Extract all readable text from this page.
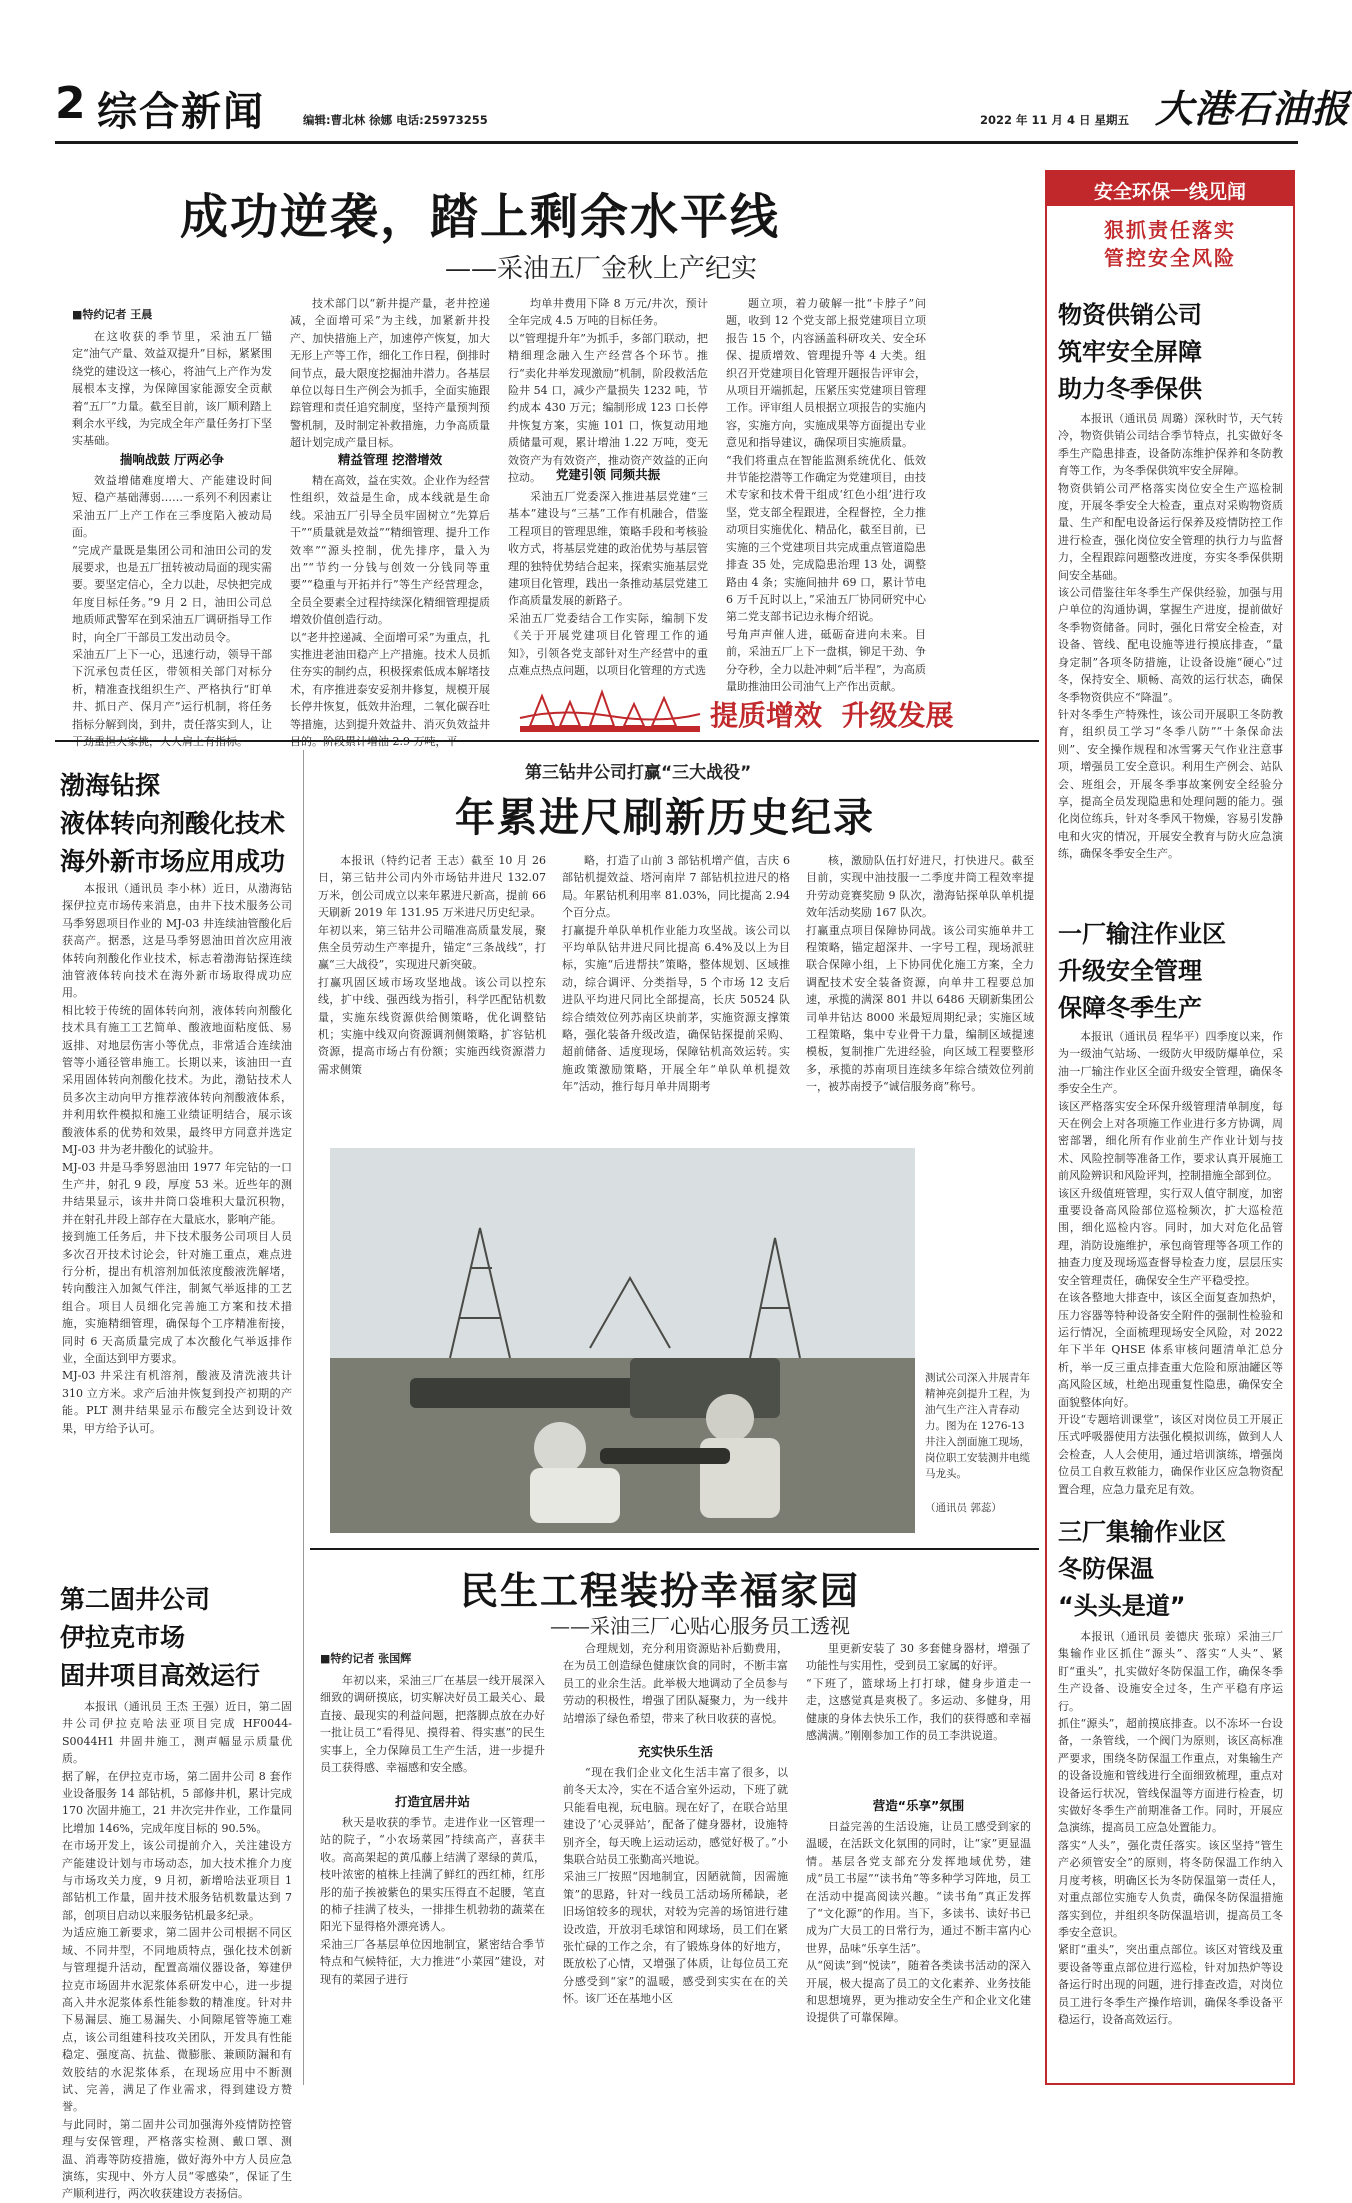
2 综合新闻	编辑:曹北林 徐娜 电话:25973255	2022 年 11 月 4 日 星期五 大港石油报
成功逆袭，踏上剩余水平线
——采油五厂金秋上产纪实
■特约记者 王晨
在这收获的季节里，采油五厂锚定“油气产量、效益双提升”目标，紧紧围绕党的建设这一核心，将油气上产作为发展根本支撑，为保障国家能源安全贡献着“五厂”力量。截至目前，该厂顺利踏上剩余水平线，为完成全年产量任务打下坚实基础。
揣响战鼓 厅两必争
效益增储难度增大、产能建设时间短、稳产基础薄弱……一系列不利因素让采油五厂上产工作在三季度陷入被动局面。
“完成产量既是集团公司和油田公司的发展要求，也是五厂扭转被动局面的现实需要。要坚定信心，全力以赴，尽快把完成年度目标任务。”9 月 2 日，油田公司总地质师武警军在到采油五厂调研指导工作时，向全厂干部员工发出动员令。
采油五厂上下一心，迅速行动，领导干部下沉承包责任区，带领相关部门对标分析，精准查找组织生产、严格执行“盯单井、抓日产、保月产”运行机制，将任务指标分解到岗，到井，责任落实到人，让
技术部门以“新井提产量，老井控递减，全面增可采”为主线，加紧新井投产、加快措施上产，加速停产恢复，加大无形上产等工作，细化工作日程，倒排时间节点，最大限度挖掘油井潜力。各基层单位以每日生产例会为抓手，全面实施跟踪管理和责任追究制度，坚持产量预判预警机制，及时制定补救措施，力争高质量超计划完成产量目标。
精益管理 挖潜增效
精在高效，益在实效。企业作为经营性组织，效益是生命，成本线就是生命线。采油五厂引导全员牢固树立“先算后干”“质量就是效益”“精细管理、提升工作效率”“源头控制，优先排序，量入为出”“节约一分钱与创效一分钱同等重要”“稳重与开拓并行”等生产经营理念，全员全要素全过程持续深化精细管理提质增效价值创造行动。
以“老井控递减、全面增可采”为重点，扎实推进老油田稳产上产措施。技术人员抓住夯实的制约点，积极探索低成本解堵技术，有序推进泰安妥剂井修复，规模开展长停井恢复，低效井治理，二氧化碳吞吐等措施，达到提升效益井、消灭负效益井
均单井费用下降 8 万元/井次，预计全年完成 4.5 万吨的目标任务。
以“管理提升年”为抓手，多部门联动，把精细理念融入生产经营各个环节。推行“卖化井举发现激励”机制，阶段救活危险井 54 口，减少产量损失 1232 吨，节约成本 430 万元；编制形成 123 口长停井恢复方案，实施 101 口，恢复动用地质储量可观，累计增油 1.22 万吨，变无效资产为有效资产，推动资产效益的正向拉动。	党建引领 同频共振
采油五厂党委深入推进基层党建“三基本”建设与“三基”工作有机融合，借鉴工程项目的管理思维，策略手段和考核验收方式，将基层党建的政治优势与基层管理的独特优势结合起来，探索实施基层党建项目化管理，践出一条推动基层党建工作高质量发展的新路子。
采油五厂党委结合工作实际，编制下发《关于开展党建项目化管理工作的通知》，引领各党支部针对生产经营中的重点难点热点问题，以项目化管理的方式选
题立项，着力破解一批“卡脖子”问题，收到 12 个党支部上报党建项目立项报告 15 个，内容涵盖科研攻关、安全环保、提质增效、管理提升等 4 大类。组织召开党建项目化管理开题报告评审会，从项目开端抓起，压紧压实党建项目管理工作。评审组人员根据立项报告的实施内容，实施方向，实施成果等方面提出专业意见和指导建议，确保项目实施质量。
“我们将重点在智能监测系统优化、低效井节能挖潜等工作确定为党建项目，由技术专家和技术骨干组成‘红色小组’进行攻坚，党支部全程跟进，全程督控，全力推动项目实施优化、精品化，截至目前，已实施的三个党建项目共完成重点管道隐患排查 35 处，完成隐患治理 13 处，调整路由 4 条；实施间抽井 69 口，累计节电 6 万千瓦时以上，”采油五厂协同研究中心第二党支部书记边永梅介绍说。
号角声声催人进，砥砺奋进向未来。目前，采油五厂上下一盘棋，铆足干劲、争分夺秒，全力以赴冲刺“后半程”，为高质量助推油田公司油气上产作出贡献。
提质增效  升级发展
渤海钻探
液体转向剂酸化技术
海外新市场应用成功
本报讯（通讯员 李小林）近日，从渤海钻探伊拉克市场传来消息，由井下技术服务公司马季努恩项目作业的 MJ-03 井连续油管酸化后获高产。据悉，这是马季努恩油田首次应用液体转向剂酸化作业技术，标志着渤海钻探连续油管液体转向技术在海外新市场取得成功应用。
相比较于传统的固体转向剂，液体转向剂酸化技术具有施工工艺简单、酸液地面粘度低、易返排、对地层伤害小等优点，非常适合连续油管等小通径管串施工。长期以来，该油田一直采用固体转向剂酸化技术。为此，渤钻技术人员多次主动向甲方推荐液体转向剂酸液体系，并利用软件模拟和施工业绩证明结合，展示该酸液体系的优势和效果，最终甲方同意并选定 MJ-03 井为老井酸化的试验井。
MJ-03 井是马季努恩油田 1977 年完钻的一口生产井，射孔 9 段，厚度 53 米。近些年的测井结果显示，该井井筒口袋堆积大量沉积物，并在射孔井段上部存在大量底水，影响产能。
接到施工任务后，井下技术服务公司项目人员多次召开技术讨论会，针对施工重点，难点进行分析，提出有机溶剂加低浓度酸液洗解堵，转向酸注入加氮气伴注，制氮气举返排的工艺组合。项目人员细化完善施工方案和技术措施，实施精细管理，确保每个工序精准衔接，同时 6 天高质量完成了本次酸化气举返排作业，全面达到甲方要求。
MJ-03 井采注有机溶剂，酸液及清洗液共计 310 立方米。求产后油井恢复到投产初期的产能。PLT 测井结果显示布酸完全达到设计效果，甲方给予认可。
第二固井公司
伊拉克市场
固井项目高效运行
本报讯（通讯员 王杰 王强）近日，第二固井公司伊拉克哈法亚项目完成 HF0044-S0044H1 井固井施工，测声幅显示质量优质。
据了解，在伊拉克市场，第二固井公司 8 套作业设备服务 14 部钻机，5 部修井机，累计完成 170 次固井施工，21 井次完井作业，工作量同比增加 146%，完成年度目标的 90.5%。
在市场开发上，该公司提前介入，关注建设方产能建设计划与市场动态，加大技术推介力度与市场攻关力度，9 月初，新增哈法亚项目 1 部钻机工作量，固井技术服务钻机数量达到 7 部，创项目启动以来服务钻机最多纪录。
为适应施工新要求，第二固井公司根据不同区域、不同井型，不同地质特点，强化技术创新与管理提升活动，配置高端仪器设备，筹建伊拉克市场固井水泥浆体系研发中心，进一步提高入井水泥浆体系性能参数的精准度。针对井下易漏层、施工易漏失、小间隙尾管等施工难点，该公司组建科技攻关团队，开发具有性能稳定、强度高、抗盐、微膨胀、兼顾防漏和有效胶结的水泥浆体系，在现场应用中不断测试、完善，满足了作业需求，得到建设方赞誉。
与此同时，第二固井公司加强海外疫情防控管理与安保管理，严格落实检测、戴口罩、测温、消毒等防疫措施，做好海外中方人员应急演练，实现中、外方人员“零感染”，保证了生产顺利进行，两次收获建设方表扬信。
第三钻井公司打赢“三大战役”
年累进尺刷新历史纪录
本报讯（特约记者 王志）截至 10 月 26 日，第三钻井公司内外市场钻井进尺 132.07 万米，创公司成立以来年累进尺新高，提前 66 天刷新 2019 年 131.95 万米进尺历史纪录。
年初以来，第三钻井公司瞄准高质量发展，聚焦全员劳动生产率提升，锚定“三条战线”，打赢“三大战役”，实现进尺新突破。
打赢巩固区域市场攻坚地战。该公司以控东线，扩中线、强西线为指引，科学匹配钻机数量，实施东线资源供给侧策略，优化调整钻机；实施中线双向资源调剂侧策略，扩容钻机资源，提高市场占有份额；实施西线资源潜力需求侧策
略，打造了山前 3 部钻机增产值，吉庆 6 部钻机提效益、塔河南岸 7 部钻机拉进尺的格局。年累钻机利用率 81.03%，同比提高 2.94 个百分点。
打赢提升单队单机作业能力攻坚战。该公司以平均单队钻井进尺同比提高 6.4%及以上为目标，实施“后进帮扶”策略，整体规划、区域推动，综合调评、分类指导，5 个市场 12 支后进队平均进尺同比全部提高，长庆 50524 队综合绩效位列苏南区块前茅，实施资源支撑策略，强化装备升级改造，确保钻探提前采购、超前储备、适度现场，保障钻机高效运转。实施政策激励策略，开展全年“单队单机提效年”活动，推行每月单井周期考
核，激励队伍打好进尺，打快进尺。截至目前，实现中油技服一二季度井筒工程效率提升劳动竞赛奖励 9 队次，渤海钻探单队单机提效年活动奖励 167 队次。
打赢重点项目保障协同战。该公司实施单井工程策略，锚定超深井、一字号工程，现场派驻联合保障小组，上下协同优化施工方案，全力调配技术安全装备资源，向单井工程要总加速，承揽的满深 801 井以 6486 天刷新集团公司单井钻达 8000 米最短周期纪录；实施区域工程策略，集中专业骨干力量，编制区域提速模板，复制推广先进经验，向区域工程要整形多，承揽的苏南项目连续多年综合绩效位列前一，被苏南授予“诚信服务商”称号。
测试公司深入井展青年精神亮剑提升工程，为油气生产注入青春动力。图为在 1276-13 井注入剖面施工现场，岗位职工安装测井电缆马龙头。
（通讯员 郭蕊）
民生工程装扮幸福家园
——采油三厂心贴心服务员工透视
■特约记者 张国辉
年初以来，采油三厂在基层一线开展深入细致的调研摸底，切实解决好员工最关心、最直接、最现实的利益问题，把落脚点放在办好一批让员工“看得见、摸得着、得实惠”的民生实事上，全力保障员工生产生活，进一步提升员工获得感、幸福感和安全感。
打造宜居井站
秋天是收获的季节。走进作业一区管理一站的院子，“小农场菜园”持续高产，喜获丰收。高高架起的黄瓜藤上结满了翠绿的黄瓜，枝叶浓密的植株上挂满了鲜红的西红柿，红彤彤的茄子挨被紫色的果实压得直不起腰，笔直的柿子挂满了枝头，一排排生机勃勃的蔬菜在阳光下显得格外漂亮诱人。
采油三厂各基层单位因地制宜，紧密结合季节特点和气候特征，大力推进“小菜园”建设，对现有的菜园子进行
合理规划，充分利用资源贴补后勤费用，在为员工创造绿色健康饮食的同时，不断丰富员工的业余生活。此举极大地调动了全员参与劳动的积极性，增强了团队凝聚力，为一线井站增添了绿色希望，带来了秋日收获的喜悦。
充实快乐生活
“现在我们企业文化生活丰富了很多，以前冬天太冷，实在不适合室外运动，下班了就只能看电视，玩电脑。现在好了，在联合站里建设了‘心灵驿站’，配备了健身器材，设施特别齐全，每天晚上运动运动，感觉好极了。”小集联合站员工张勤高兴地说。
采油三厂按照“因地制宜，因陋就简，因需施策”的思路，针对一线员工活动场所稀缺，老旧场馆较多的现状，对较为完善的场馆进行建设改造，开放羽毛球馆和网球场，员工们在紧张忙碌的工作之余，有了锻炼身体的好地方，既放松了心情，又增强了体质，让每位员工充分感受到“家”的温暖，感受到实实在在的关怀。该厂还在基地小区
里更新安装了 30 多套健身器材，增强了功能性与实用性，受到员工家属的好评。
“下班了，篮球场上打打球，健身步道走一走，这感觉真是爽极了。多运动、多健身，用健康的身体去快乐工作，我们的获得感和幸福感满满。”刚刚参加工作的员工李洪说道。
营造“乐享”氛围
日益完善的生活设施，让员工感受到家的温暖，在活跃文化氛围的同时，让“家”更显温情。基层各党支部充分发挥地域优势，建成“员工书屋”“读书角”等多种学习阵地，员工在活动中提高阅读兴趣。“读书角”真正发挥了“文化源”的作用。当下，多读书、读好书已成为广大员工的日常行为，通过不断丰富内心世界，品味“乐享生活”。
从“阅读”到“悦读”，随着各类读书活动的深入开展，极大提高了员工的文化素养、业务技能和思想境界，更为推动安全生产和企业文化建设提供了可靠保障。
安全环保一线见闻
狠抓责任落实
管控安全风险
物资供销公司
筑牢安全屏障
助力冬季保供
本报讯（通讯员 周璐）深秋时节，天气转冷，物资供销公司结合季节特点，扎实做好冬季生产隐患排查，设备防冻维护保养和冬防教育等工作，为冬季保供筑牢安全屏障。
物资供销公司严格落实岗位安全生产巡检制度，开展冬季安全大检查，重点对采购物资质量、生产和配电设备运行保养及疫情防控工作进行检查，强化岗位安全管理的执行力与监督力，全程跟踪问题整改进度，夯实冬季保供期间安全基础。
该公司借鉴往年冬季生产保供经验，加强与用户单位的沟通协调，掌握生产进度，提前做好冬季物资储备。同时，强化日常安全检查，对设备、管线、配电设施等进行摸底排查，“量身定制”各项冬防措施，让设备设施“硬心”过冬，保持安全、顺畅、高效的运行状态，确保冬季物资供应不“降温”。
针对冬季生产特殊性，该公司开展职工冬防教育，组织员工学习“冬季八防”“十条保命法则”、安全操作规程和冰雪雾天气作业注意事项，增强员工安全意识。利用生产例会、站队会、班组会，开展冬季事故案例安全经验分享，提高全员发现隐患和处理问题的能力。强化岗位练兵，针对冬季风干物燥，容易引发静电和火灾的情况，开展安全教育与防火应急演练，确保冬季安全生产。
一厂输注作业区
升级安全管理
保障冬季生产
本报讯（通讯员 程华平）四季度以来，作为一级油气站场、一级防火甲级防爆单位，采油一厂输注作业区全面升级安全管理，确保冬季安全生产。
该区严格落实安全环保升级管理清单制度，每天在例会上对各项施工作业进行多方协调，周密部署，细化所有作业前生产作业计划与技术、风险控制等准备工作，要求认真开展施工前风险辨识和风险评判，控制措施全部到位。
该区升级值班管理，实行双人值守制度，加密重要设备高风险部位巡检频次，扩大巡检范围，细化巡检内容。同时，加大对危化品管理，消防设施维护，承包商管理等各项工作的抽查力度及现场巡查督导检查力度，层层压实安全管理责任，确保安全生产平稳受控。
在该各整地大排查中，该区全面复查加热炉，压力容器等特种设备安全附件的强制性检验和运行情况，全面梳理现场安全风险，对 2022 年下半年 QHSE 体系审核问题清单汇总分析，举一反三重点排查重大危险和原油罐区等高风险区域，杜绝出现重复性隐患，确保安全面貌整体向好。
开设“专题培训课堂”，该区对岗位员工开展正压式呼吸器使用方法强化模拟训练，做到人人会检查，人人会使用，通过培训演练，增强岗位员工自救互救能力，确保作业区应急物资配置合理，应急力量充足有效。
三厂集输作业区
冬防保温
“头头是道”
本报讯（通讯员 姜德庆 张琼）采油三厂集输作业区抓住“源头”、落实“人头”、紧盯“重头”，扎实做好冬防保温工作，确保冬季生产设备、设施安全过冬，生产平稳有序运行。
抓住“源头”，超前摸底排查。以不冻坏一台设备，一条管线，一个阀门为原则，该区高标准严要求，围绕冬防保温工作重点，对集输生产的设备设施和管线进行全面细致梳理，重点对设备运行状况，管线保温等方面进行检查，切实做好冬季生产前期准备工作。同时，开展应急演练，提高员工应急处置能力。
落实“人头”，强化责任落实。该区坚持“管生产必须管安全”的原则，将冬防保温工作纳入月度考核，明确区长为冬防保温第一责任人，对重点部位实施专人负责，确保冬防保温措施落实到位，并组织冬防保温培训，提高员工冬季安全意识。
紧盯“重头”，突出重点部位。该区对管线及重要设备等重点部位进行巡检，针对加热炉等设备运行时出现的问题，进行排查改造，对岗位员工进行冬季生产操作培训，确保冬季设备平稳运行，设备高效运行。
